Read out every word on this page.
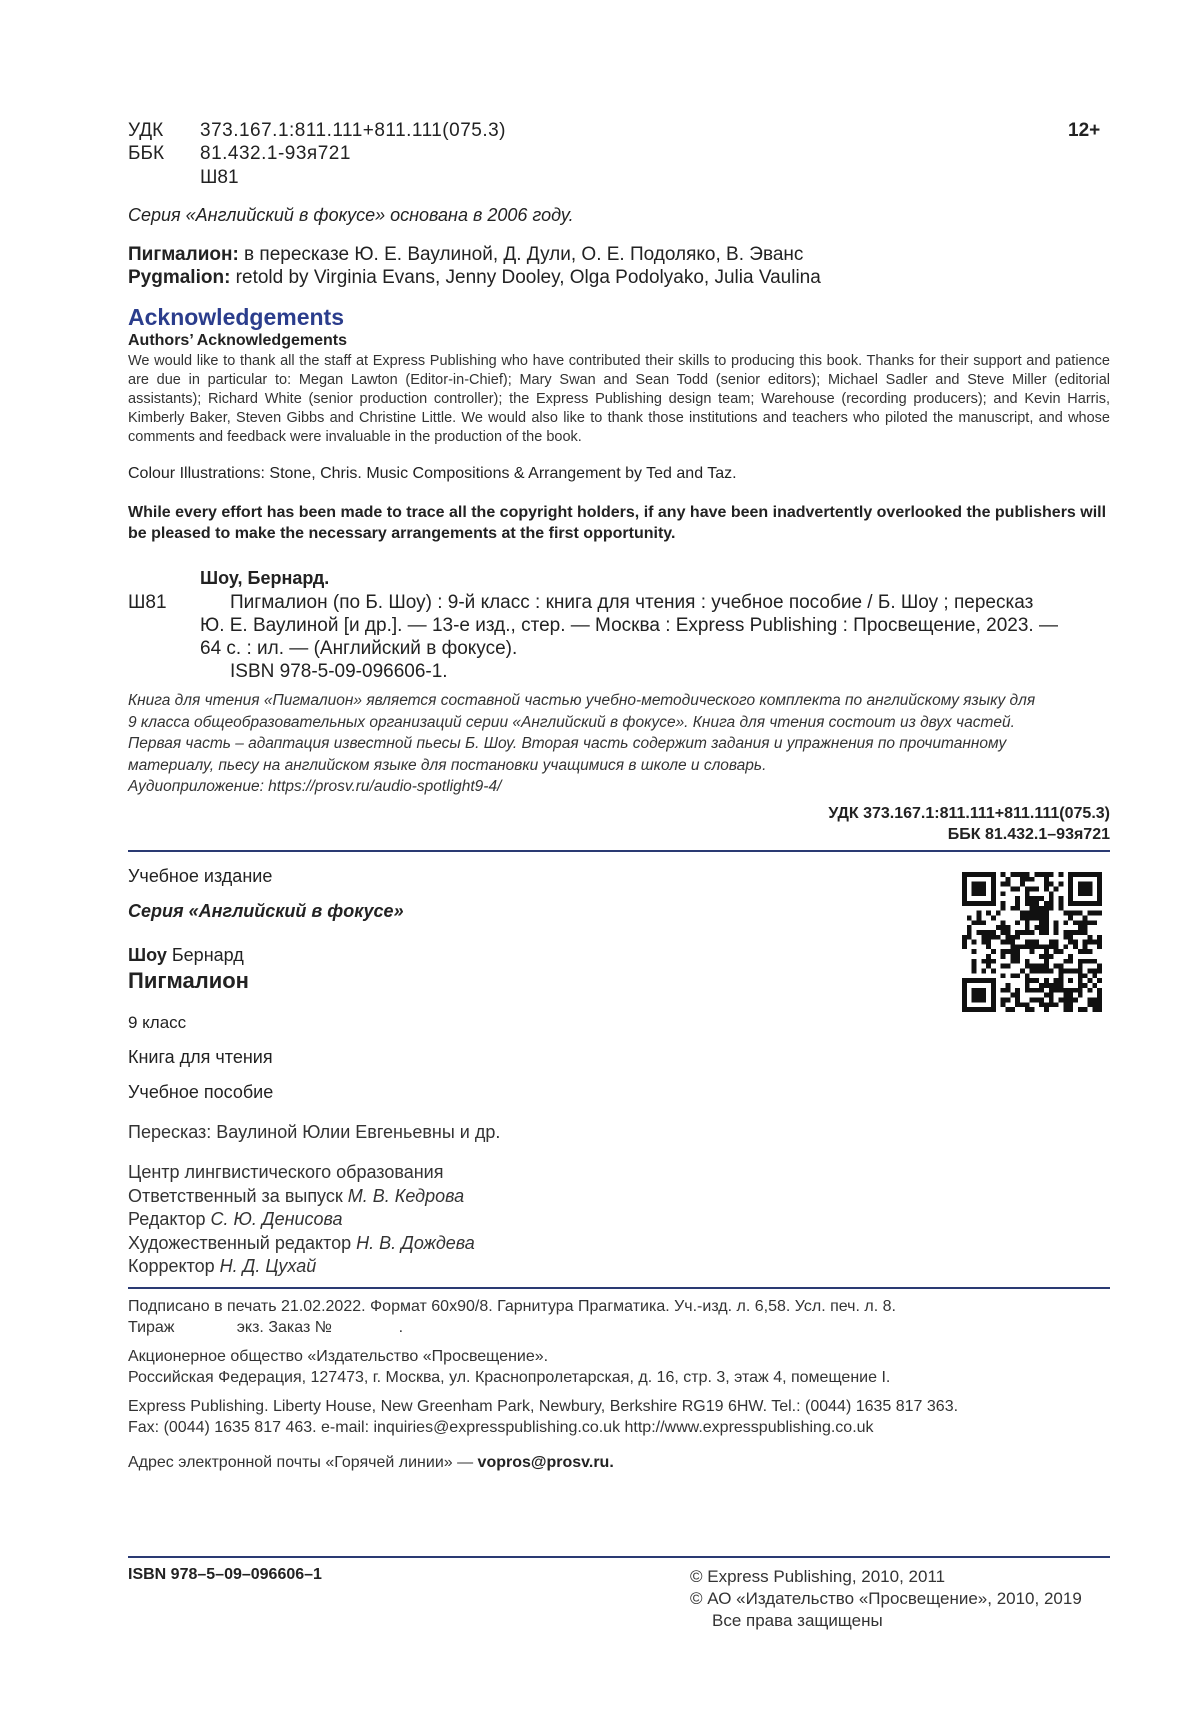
УДК 373.167.1:811.111+811.111(075.3)
ББК 81.432.1-93я721
Ш81
12+
Серия «Английский в фокусе» основана в 2006 году.
Пигмалион: в пересказе Ю. Е. Ваулиной, Д. Дули, О. Е. Подоляко, В. Эванс
Pygmalion: retold by Virginia Evans, Jenny Dooley, Olga Podolyako, Julia Vaulina
Acknowledgements
Authors’ Acknowledgements
We would like to thank all the staff at Express Publishing who have contributed their skills to producing this book. Thanks for their support and patience are due in particular to: Megan Lawton (Editor-in-Chief); Mary Swan and Sean Todd (senior editors); Michael Sadler and Steve Miller (editorial assistants); Richard White (senior production controller); the Express Publishing design team; Warehouse (recording producers); and Kevin Harris, Kimberly Baker, Steven Gibbs and Christine Little. We would also like to thank those institutions and teachers who piloted the manuscript, and whose comments and feedback were invaluable in the production of the book.
Colour Illustrations: Stone, Chris. Music Compositions & Arrangement by Ted and Taz.
While every effort has been made to trace all the copyright holders, if any have been inadvertently overlooked the publishers will be pleased to make the necessary arrangements at the first opportunity.
Шоу, Бернард.
Ш81	Пигмалион (по Б. Шоу) : 9-й класс : книга для чтения : учебное пособие / Б. Шоу ; пересказ
Ю. Е. Ваулиной [и др.]. — 13-е изд., стер. — Москва : Express Publishing : Просвещение, 2023. —
64 с. : ил. — (Английский в фокусе).
ISBN 978-5-09-096606-1.
Книга для чтения «Пигмалион» является составной частью учебно-методического комплекта по английскому языку для
9 класса общеобразовательных организаций серии «Английский в фокусе». Книга для чтения состоит из двух частей.
Первая часть – адаптация известной пьесы Б. Шоу. Вторая часть содержит задания и упражнения по прочитанному
материалу, пьесу на английском языке для постановки учащимися в школе и словарь.
Аудиоприложение: https://prosv.ru/audio-spotlight9-4/
УДК 373.167.1:811.111+811.111(075.3)
ББК 81.432.1–93я721
Учебное издание
Серия «Английский в фокусе»
Шоу Бернард
Пигмалион
9 класс
Книга для чтения
Учебное пособие
Пересказ: Ваулиной Юлии Евгеньевны и др.
Центр лингвистического образования
Ответственный за выпуск М. В. Кедрова
Редактор С. Ю. Денисова
Художественный редактор Н. В. Дождева
Корректор Н. Д. Цухай
Подписано в печать 21.02.2022. Формат 60x90/8. Гарнитура Прагматика. Уч.-изд. л. 6,58. Усл. печ. л. 8.
Тираж              экз. Заказ №               .
Акционерное общество «Издательство «Просвещение».
Российская Федерация, 127473, г. Москва, ул. Краснопролетарская, д. 16, стр. 3, этаж 4, помещение I.
Express Publishing. Liberty House, New Greenham Park, Newbury, Berkshire RG19 6HW. Tel.: (0044) 1635 817 363.
Fax: (0044) 1635 817 463. e-mail: inquiries@expresspublishing.co.uk http://www.expresspublishing.co.uk
Адрес электронной почты «Горячей линии» — vopros@prosv.ru.
ISBN 978–5–09–096606–1	© Express Publishing, 2010, 2011
© АО «Издательство «Просвещение», 2010, 2019
Все права защищены
